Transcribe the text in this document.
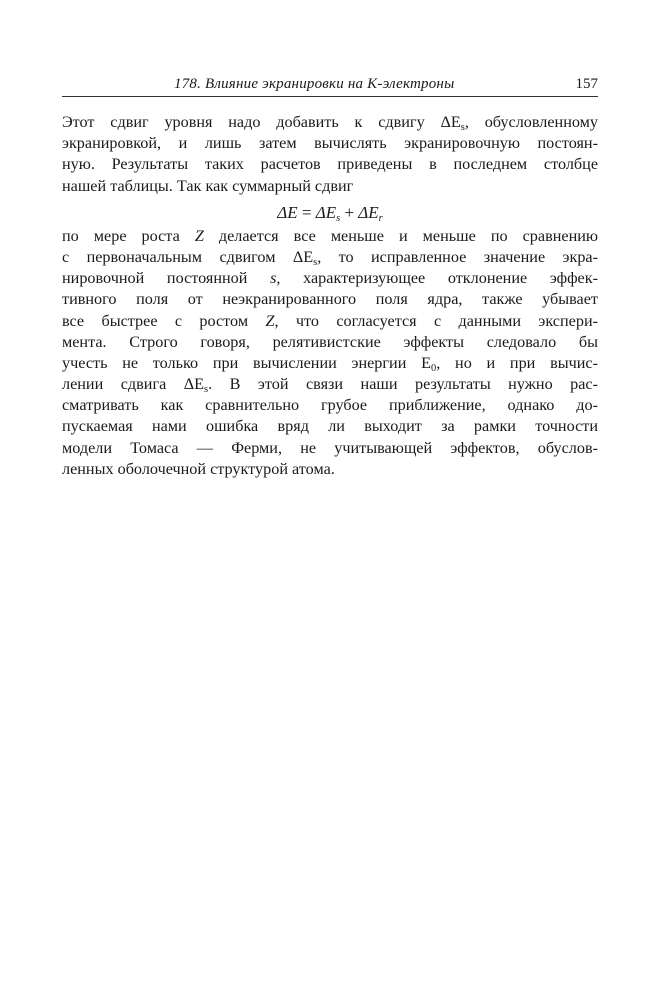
178. Влияние экранировки на K-электроны	157
Этот сдвиг уровня надо добавить к сдвигу $\Delta E_s$, обусловленному
экранировкой, и лишь затем вычислять экранировочную постоян-
ную. Результаты таких расчетов приведены в последнем столбце
нашей таблицы. Так как суммарный сдвиг
$\Delta E = \Delta E_s + \Delta E_r$
по мере роста Z делается все меньше и меньше по сравнению
с первоначальным сдвигом $\Delta E_s$, то исправленное значение экра-
нировочной постоянной s, характеризующее отклонение эффек-
тивного поля от неэкранированного поля ядра, также убывает
все быстрее с ростом Z, что согласуется с данными экспери-
мента. Строго говоря, релятивистские эффекты следовало бы
учесть не только при вычислении энергии $E_0$, но и при вычис-
лении сдвига $\Delta E_s$. В этой связи наши результаты нужно рас-
сматривать как сравнительно грубое приближение, однако до-
пускаемая нами ошибка вряд ли выходит за рамки точности
модели Томаса — Ферми, не учитывающей эффектов, обуслов-
ленных оболочечной структурой атома.
